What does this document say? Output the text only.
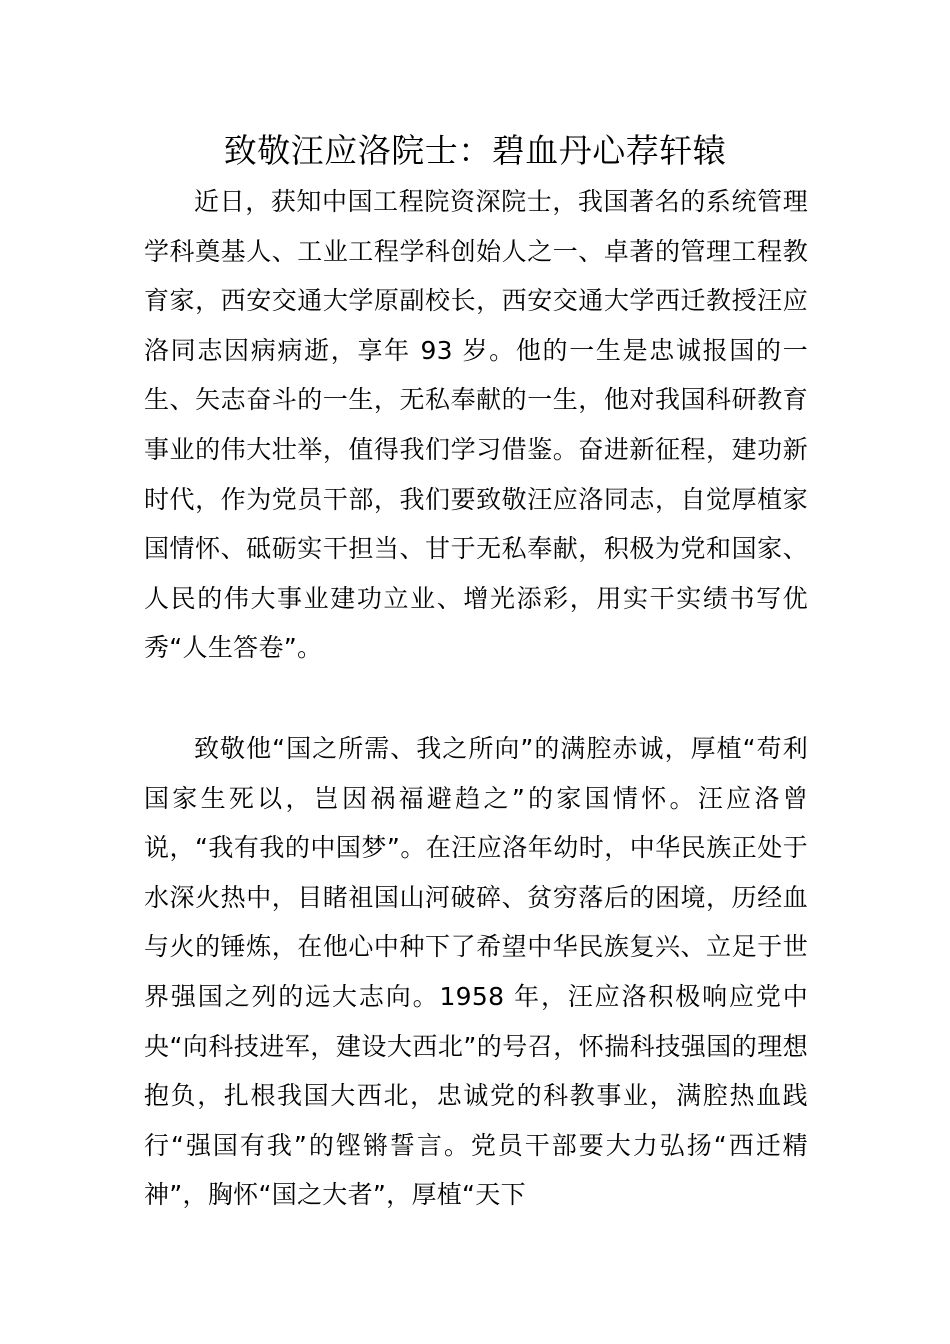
致敬汪应洛院士：碧血丹心荐轩辕

近日，获知中国工程院资深院士，我国著名的系统管理学科奠基人、工业工程学科创始人之一、卓著的管理工程教育家，西安交通大学原副校长，西安交通大学西迁教授汪应洛同志因病病逝，享年 93 岁。他的一生是忠诚报国的一生、矢志奋斗的一生，无私奉献的一生，他对我国科研教育事业的伟大壮举，值得我们学习借鉴。奋进新征程，建功新时代，作为党员干部，我们要致敬汪应洛同志，自觉厚植家国情怀、砥砺实干担当、甘于无私奉献，积极为党和国家、人民的伟大事业建功立业、增光添彩，用实干实绩书写优秀“人生答卷”。

致敬他“国之所需、我之所向”的满腔赤诚，厚植“苟利国家生死以，岂因祸福避趋之”的家国情怀。汪应洛曾说，“我有我的中国梦”。在汪应洛年幼时，中华民族正处于水深火热中，目睹祖国山河破碎、贫穷落后的困境，历经血与火的锤炼，在他心中种下了希望中华民族复兴、立足于世界强国之列的远大志向。1958 年，汪应洛积极响应党中央“向科技进军，建设大西北”的号召，怀揣科技强国的理想抱负，扎根我国大西北，忠诚党的科教事业，满腔热血践行“强国有我”的铿锵誓言。党员干部要大力弘扬“西迁精神”，胸怀“国之大者”，厚植“天下
